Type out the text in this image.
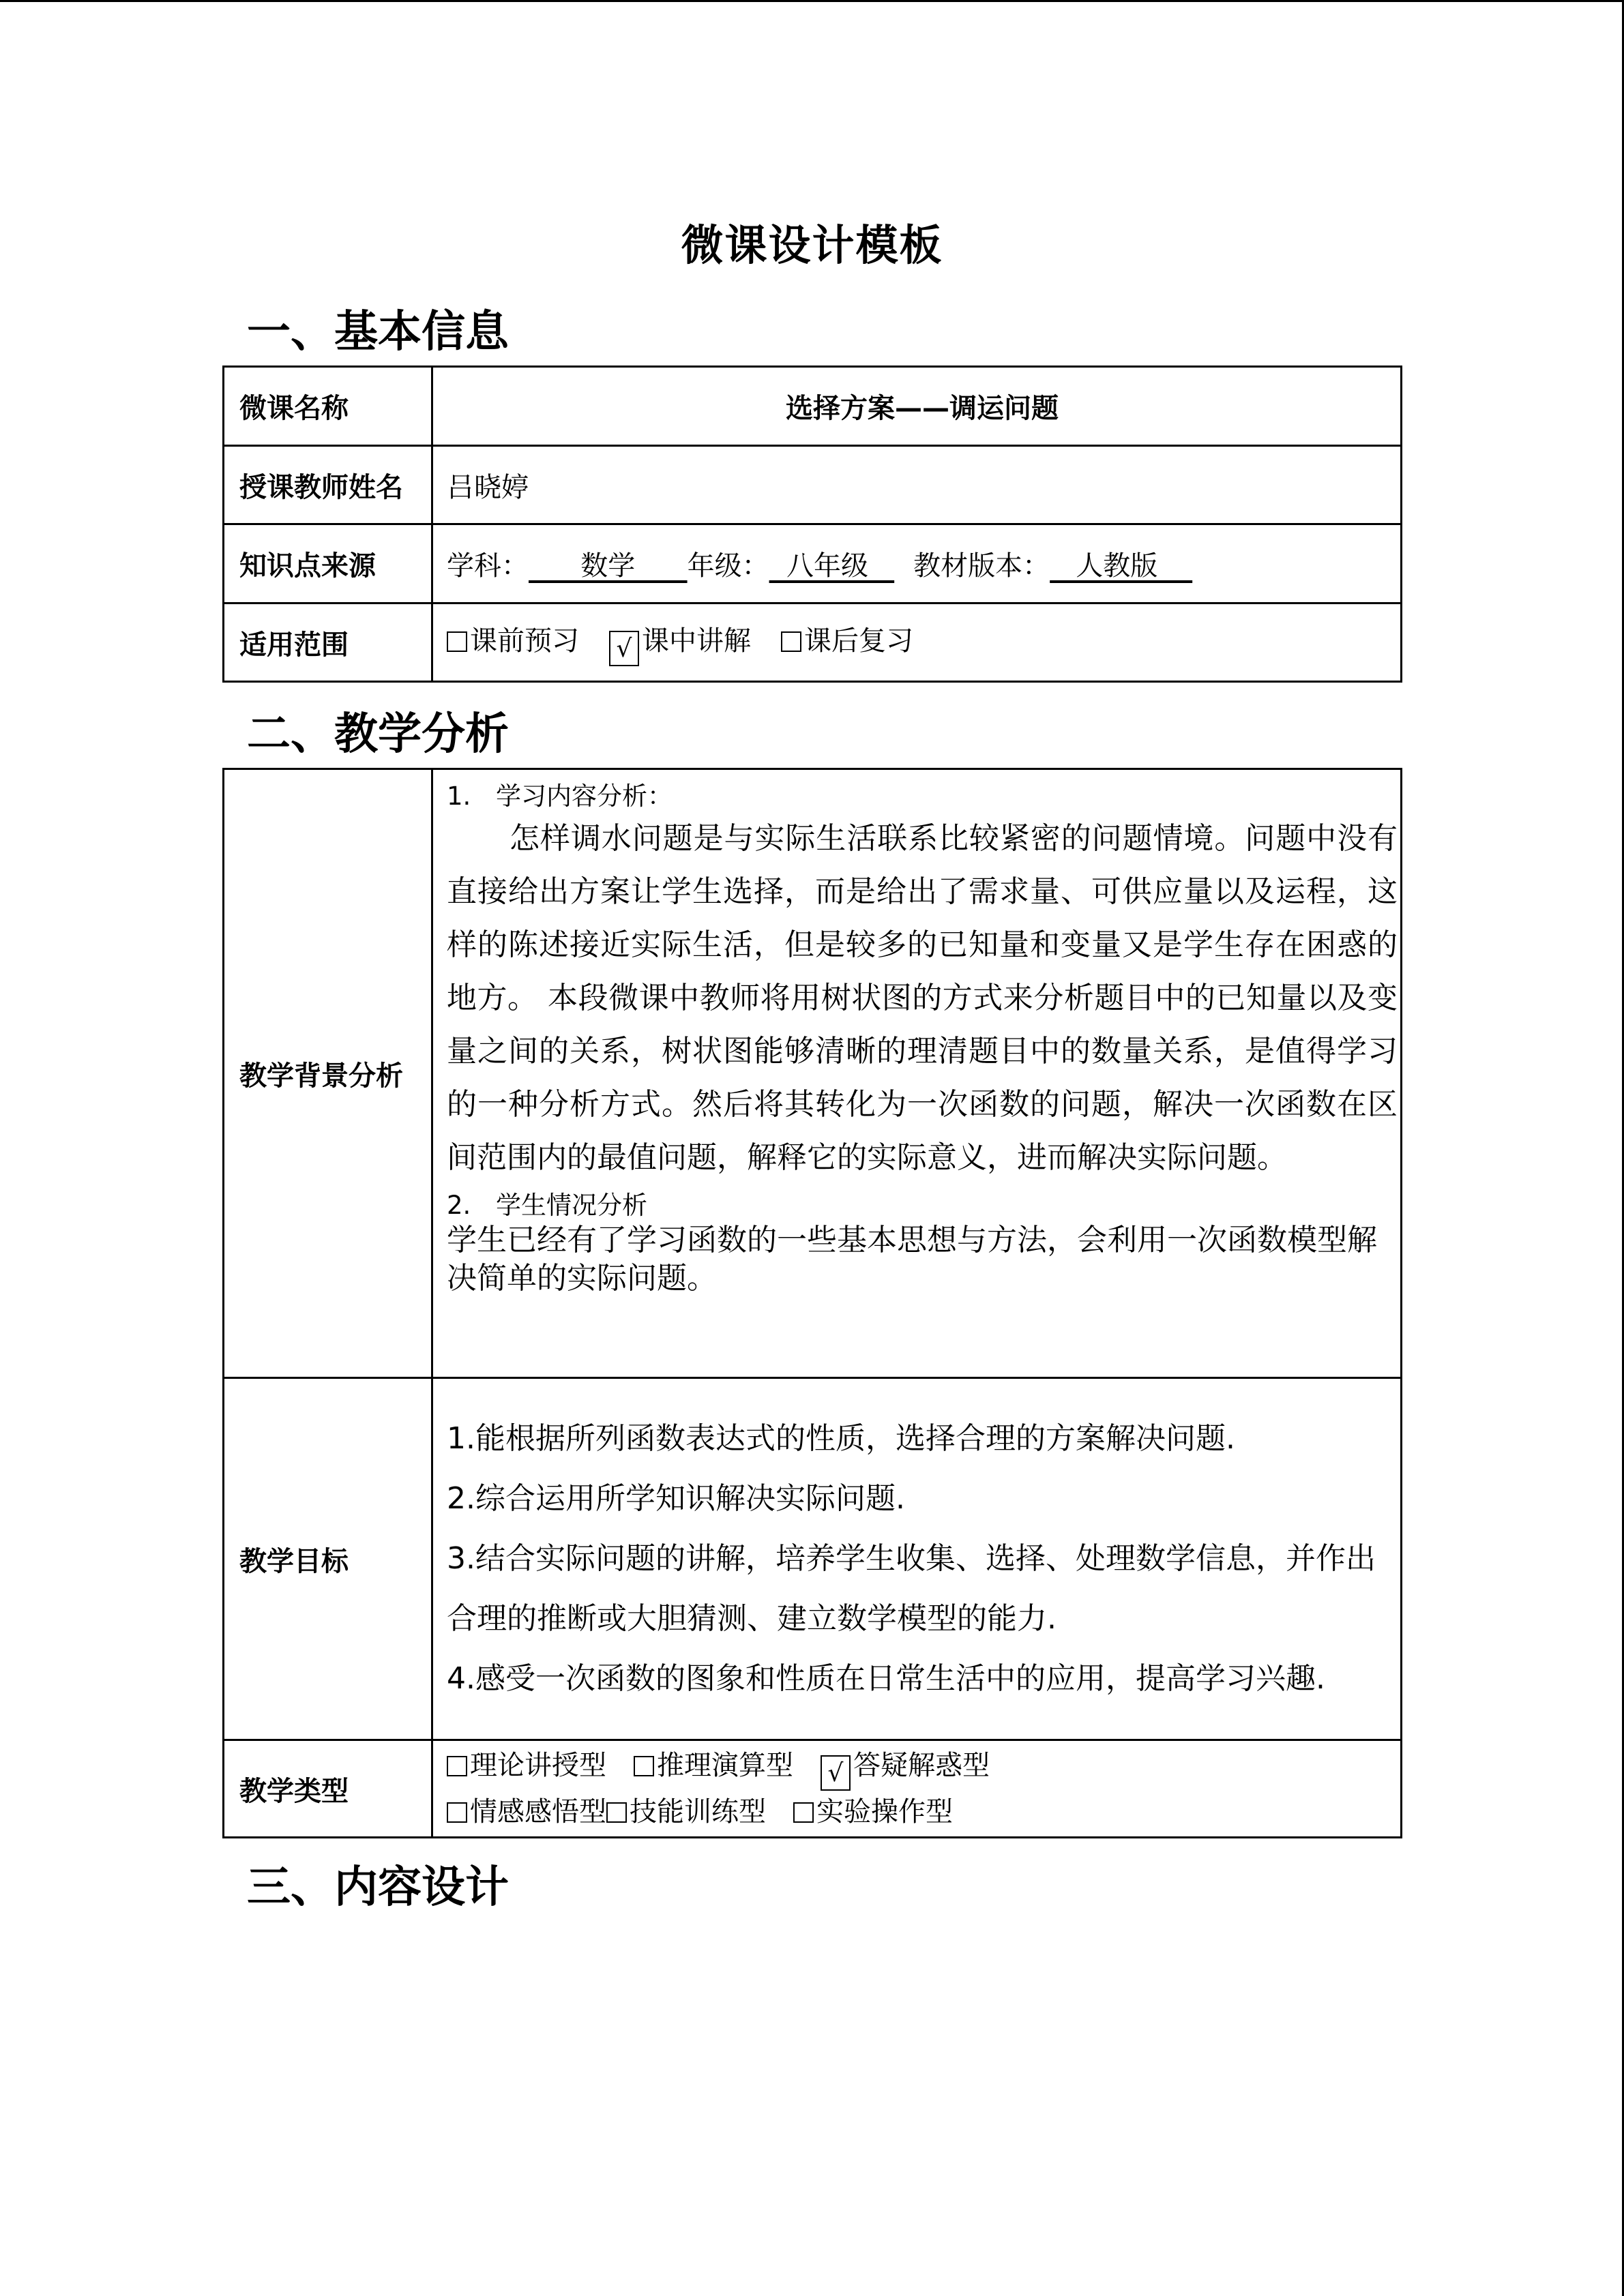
微课设计模板
一、基本信息
微课名称	选择方案——调运问题
授课教师姓名	吕晓婷
知识点来源	学科：      数学      年级：  八年级   教材版本：   人教版
适用范围	课前预习 √ 课中讲解 课后复习
二、教学分析
教学背景分析	1. 学习内容分析：
怎样调水问题是与实际生活联系比较紧密的问题情境。问题中没有直接给出方案让学生选择，而是给出了需求量、可供应量以及运程，这样的陈述接近实际生活，但是较多的已知量和变量又是学生存在困惑的地方。 本段微课中教师将用树状图的方式来分析题目中的已知量以及变量之间的关系，树状图能够清晰的理清题目中的数量关系，是值得学习的一种分析方式。然后将其转化为一次函数的问题，解决一次函数在区间范围内的最值问题，解释它的实际意义，进而解决实际问题。
2. 学生情况分析
学生已经有了学习函数的一些基本思想与方法，会利用一次函数模型解决简单的实际问题。

教学目标	1.能根据所列函数表达式的性质，选择合理的方案解决问题.
2.综合运用所学知识解决实际问题.
3.结合实际问题的讲解，培养学生收集、选择、处理数学信息，并作出合理的推断或大胆猜测、建立数学模型的能力.
4.感受一次函数的图象和性质在日常生活中的应用，提高学习兴趣.

教学类型	理论讲授型 推理演算型 √ 答疑解惑型
情感感悟型 技能训练型 实验操作型
三、内容设计
